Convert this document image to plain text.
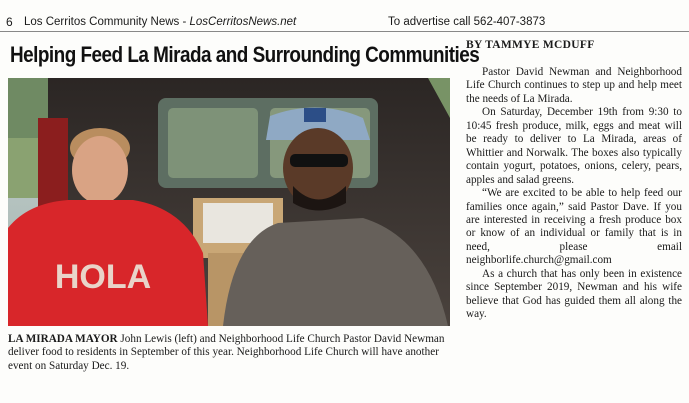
6 Los Cerritos Community News - LosCerritosNews.net	To advertise call 562-407-3873
Helping Feed La Mirada and Surrounding Communities
HOLA
LA MIRADA MAYOR John Lewis (left) and Neighborhood Life Church Pastor David Newman deliver food to residents in September of this year. Neighborhood Life Church will have another event on Saturday Dec. 19.
BY TAMMYE MCDUFF

Pastor David Newman and Neighborhood Life Church continues to step up and help meet the needs of La Mirada.

On Saturday, December 19th from 9:30 to 10:45 fresh produce, milk, eggs and meat will be ready to deliver to La Mirada, areas of Whittier and Norwalk. The boxes also typically contain yogurt, potatoes, onions, celery, pears, apples and salad greens.

“We are excited to be able to help feed our families once again,” said Pastor Dave. If you are interested in receiving a fresh produce box or know of an individual or family that is in need, please email neighborlife.church@gmail.com

As a church that has only been in existence since September 2019, Newman and his wife believe that God has guided them all along the way.
